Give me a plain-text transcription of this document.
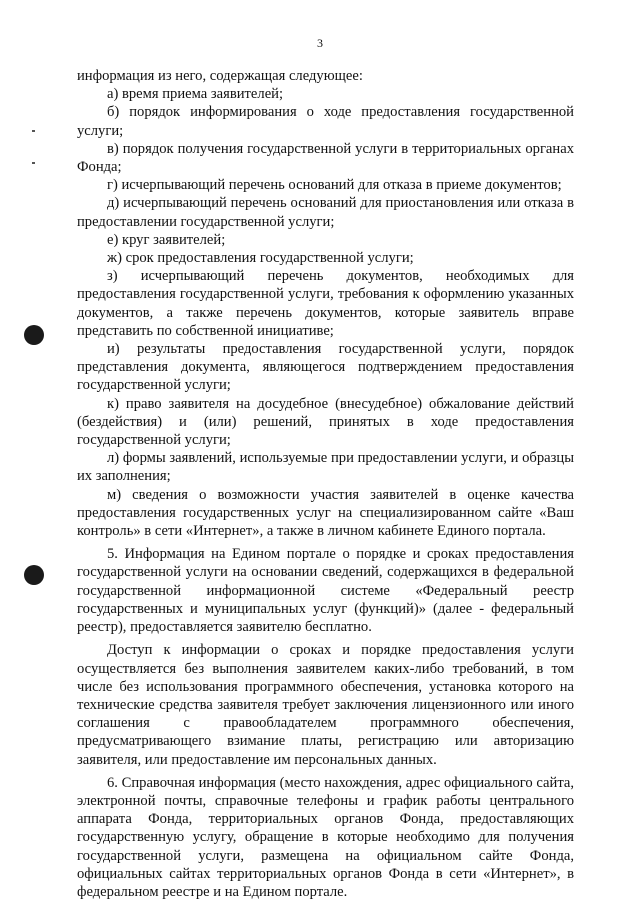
3

информация из него, содержащая следующее:

а) время приема заявителей;

б) порядок информирования о ходе предоставления государственной услуги;

в) порядок получения государственной услуги в территориальных органах Фонда;

г) исчерпывающий перечень оснований для отказа в приеме документов;

д) исчерпывающий перечень оснований для приостановления или отказа в предоставлении государственной услуги;

е) круг заявителей;

ж) срок предоставления государственной услуги;

з) исчерпывающий перечень документов, необходимых для предоставления государственной услуги, требования к оформлению указанных документов, а также перечень документов, которые заявитель вправе представить по собственной инициативе;

и) результаты предоставления государственной услуги, порядок представления документа, являющегося подтверждением предоставления государственной услуги;

к) право заявителя на досудебное (внесудебное) обжалование действий (бездействия) и (или) решений, принятых в ходе предоставления государственной услуги;

л) формы заявлений, используемые при предоставлении услуги, и образцы их заполнения;

м) сведения о возможности участия заявителей в оценке качества предоставления государственных услуг на специализированном сайте «Ваш контроль» в сети «Интернет», а также в личном кабинете Единого портала.

5. Информация на Едином портале о порядке и сроках предоставления государственной услуги на основании сведений, содержащихся в федеральной государственной информационной системе «Федеральный реестр государственных и муниципальных услуг (функций)» (далее - федеральный реестр), предоставляется заявителю бесплатно.

Доступ к информации о сроках и порядке предоставления услуги осуществляется без выполнения заявителем каких-либо требований, в том числе без использования программного обеспечения, установка которого на технические средства заявителя требует заключения лицензионного или иного соглашения с правообладателем программного обеспечения, предусматривающего взимание платы, регистрацию или авторизацию заявителя, или предоставление им персональных данных.

6. Справочная информация (место нахождения, адрес официального сайта, электронной почты, справочные телефоны и график работы центрального аппарата Фонда, территориальных органов Фонда, предоставляющих государственную услугу, обращение в которые необходимо для получения государственной услуги, размещена на официальном сайте Фонда, официальных сайтах территориальных органов Фонда в сети «Интернет», в федеральном реестре и на Едином портале.
